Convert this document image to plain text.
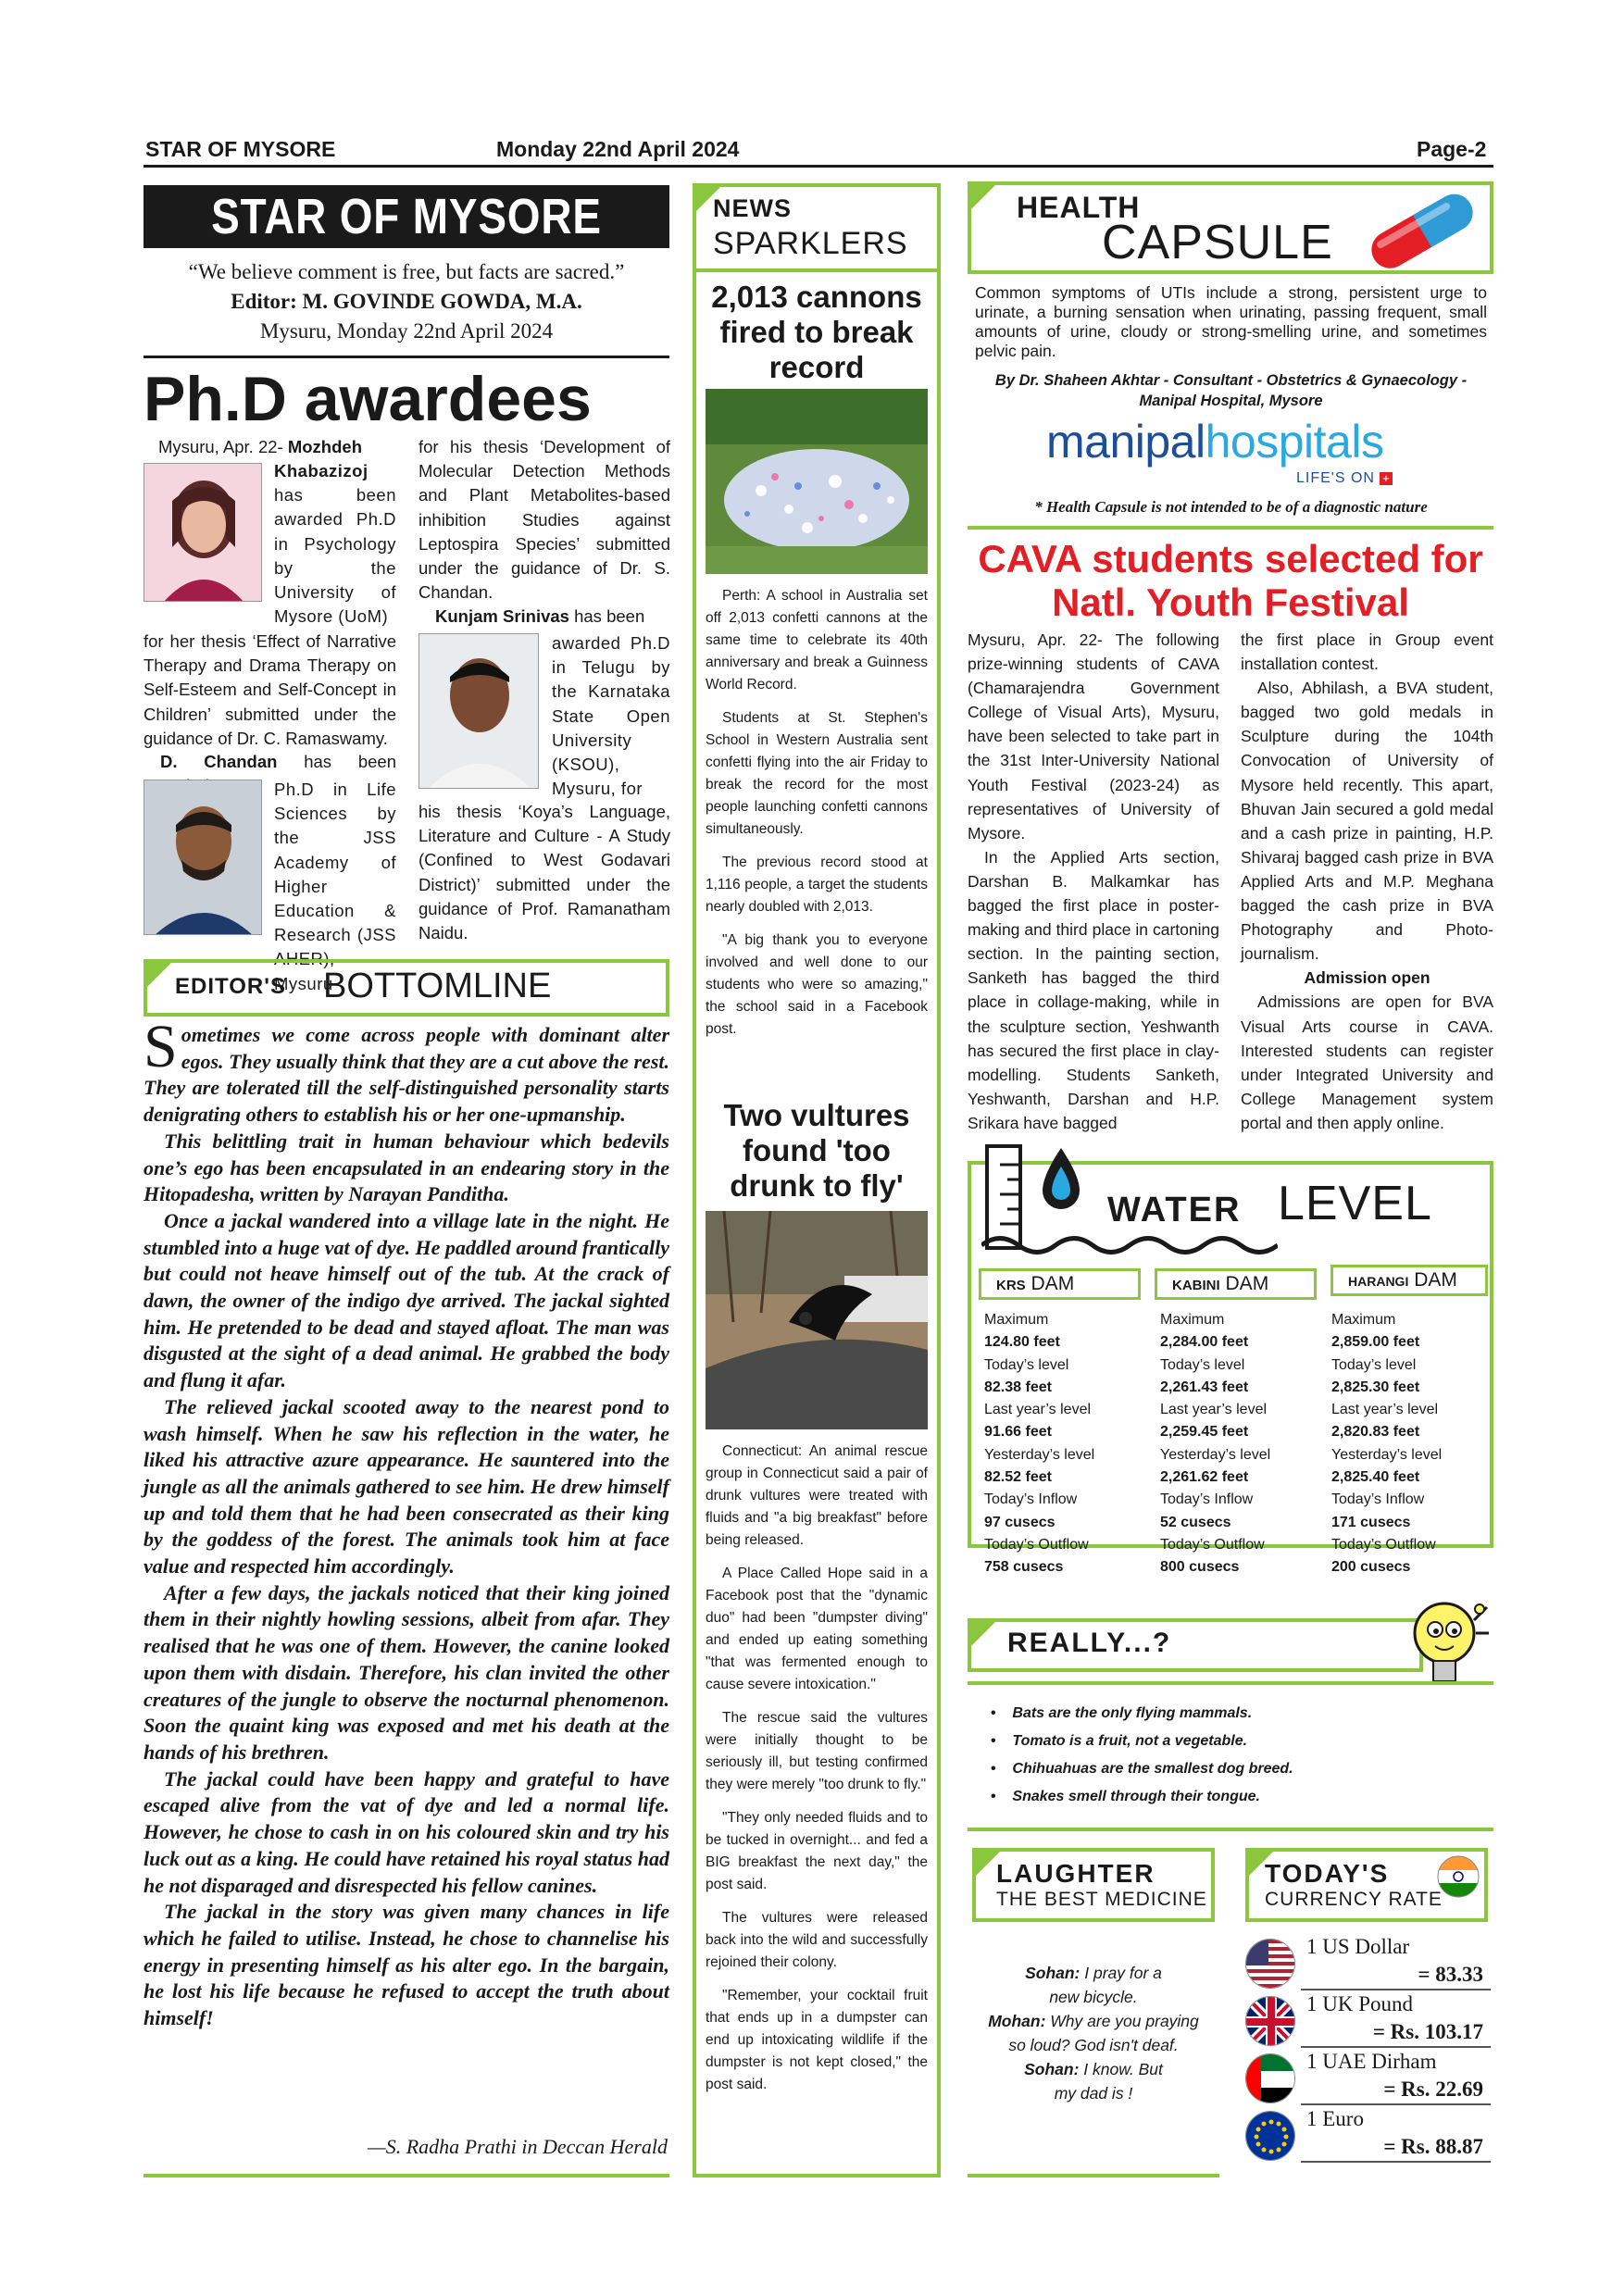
STAR OF MYSORE	Monday 22nd April 2024	Page-2
STAR OF MYSORE
“We believe comment is free, but facts are sacred.”
Editor: M. GOVINDE GOWDA, M.A.
Mysuru, Monday 22nd April 2024
Ph.D awardees
Mysuru, Apr. 22- Mozhdeh
Khabazizoj has been awarded Ph.D in Psychology by the University of Mysore (UoM)
for her thesis ‘Effect of Narrative Therapy and Drama Therapy on Self-Esteem and Self-Concept in Children’ submitted under the guidance of Dr. C. Ramaswamy.
D. Chandan has been
Ph.D in Life Sciences by the JSS Academy of Higher Education & Research (JSS AHER), Mysuru
for his thesis ‘Development of Molecular Detection Methods and Plant Metabolites-based inhibition Studies against Leptospira Species’ submitted under the guidance of Dr. S. Chandan.
Kunjam Srinivas has been
awarded Ph.D in Telugu by the Karnataka State Open University (KSOU), Mysuru, for
his thesis ‘Koya’s Language, Literature and Culture - A Study (Confined to West Godavari District)’ submitted under the guidance of Prof. Ramanatham Naidu.
EDITOR'S BOTTOMLINE

Sometimes we come across people with dominant alter egos. They usually think that they are a cut above the rest. They are tolerated till the self-distinguished personality starts denigrating others to establish his or her one-upmanship.

This belittling trait in human behaviour which bedevils one’s ego has been encapsulated in an endearing story in the Hitopadesha, written by Narayan Panditha.

Once a jackal wandered into a village late in the night. He stumbled into a huge vat of dye. He paddled around frantically but could not heave himself out of the tub. At the crack of dawn, the owner of the indigo dye arrived. The jackal sighted him. He pretended to be dead and stayed afloat. The man was disgusted at the sight of a dead animal. He grabbed the body and flung it afar.

The relieved jackal scooted away to the nearest pond to wash himself. When he saw his reflection in the water, he liked his attractive azure appearance. He sauntered into the jungle as all the animals gathered to see him. He drew himself up and told them that he had been consecrated as their king by the goddess of the forest. The animals took him at face value and respected him accordingly.

After a few days, the jackals noticed that their king joined them in their nightly howling sessions, albeit from afar. They realised that he was one of them. However, the canine looked upon them with disdain. Therefore, his clan invited the other creatures of the jungle to observe the nocturnal phenomenon. Soon the quaint king was exposed and met his death at the hands of his brethren.

The jackal could have been happy and grateful to have escaped alive from the vat of dye and led a normal life. However, he chose to cash in on his coloured skin and try his luck out as a king. He could have retained his royal status had he not disparaged and disrespected his fellow canines.

The jackal in the story was given many chances in life which he failed to utilise. Instead, he chose to channelise his energy in presenting himself as his alter ego. In the bargain, he lost his life because he refused to accept the truth about himself!

—S. Radha Prathi in Deccan Herald
NEWS
SPARKLERS
2,013 cannons fired to break record

Perth: A school in Australia set off 2,013 confetti cannons at the same time to celebrate its 40th anniversary and break a Guinness World Record.

Students at St. Stephen's School in Western Australia sent confetti flying into the air Friday to break the record for the most people launching confetti cannons simultaneously.

The previous record stood at 1,116 people, a target the students nearly doubled with 2,013.

"A big thank you to everyone involved and well done to our students who were so amazing," the school said in a Facebook post.

Two vultures found 'too drunk to fly'

Connecticut: An animal rescue group in Connecticut said a pair of drunk vultures were treated with fluids and "a big breakfast" before being released.

A Place Called Hope said in a Facebook post that the "dynamic duo" had been "dumpster diving" and ended up eating something "that was fermented enough to cause severe intoxication."

The rescue said the vultures were initially thought to be seriously ill, but testing confirmed they were merely "too drunk to fly."

"They only needed fluids and to be tucked in overnight... and fed a BIG breakfast the next day," the post said.

The vultures were released back into the wild and successfully rejoined their colony.

"Remember, your cocktail fruit that ends up in a dumpster can end up intoxicating wildlife if the dumpster is not kept closed," the post said.

HEALTH
CAPSULE
Common symptoms of UTIs include a strong, persistent urge to urinate, a burning sensation when urinating, passing frequent, small amounts of urine, cloudy or strong-smelling urine, and sometimes pelvic pain.
By Dr. Shaheen Akhtar - Consultant - Obstetrics & Gynaecology - Manipal Hospital, Mysore
manipalhospitals
LIFE'S ON +
* Health Capsule is not intended to be of a diagnostic nature
CAVA students selected for Natl. Youth Festival

Mysuru, Apr. 22- The following prize-winning students of CAVA (Chamarajendra Government College of Visual Arts), Mysuru, have been selected to take part in the 31st Inter-University National Youth Festival (2023-24) as representatives of University of Mysore.

In the Applied Arts section, Darshan B. Malkamkar has bagged the first place in poster-making and third place in cartoning section. In the painting section, Sanketh has bagged the third place in collage-making, while in the sculpture section, Yeshwanth has secured the first place in clay-modelling. Students Sanketh, Yeshwanth, Darshan and H.P. Srikara have bagged

the first place in Group event installation contest.

Also, Abhilash, a BVA student, bagged two gold medals in Sculpture during the 104th Convocation of University of Mysore held recently. This apart, Bhuvan Jain secured a gold medal and a cash prize in painting, H.P. Shivaraj bagged cash prize in BVA Applied Arts and M.P. Meghana bagged the cash prize in BVA Photography and Photo-journalism.

Admission open

Admissions are open for BVA Visual Arts course in CAVA. Interested students can register under Integrated University and College Management system portal and then apply online.

WATER LEVEL
KRS DAM
Maximum
124.80 feet
Today’s level
82.38 feet
Last year’s level
91.66 feet
Yesterday’s level
82.52 feet
Today’s Inflow
97 cusecs
Today’s Outflow
758 cusecs
KABINI DAM
Maximum
2,284.00 feet
Today’s level
2,261.43 feet
Last year’s level
2,259.45 feet
Yesterday’s level
2,261.62 feet
Today’s Inflow
52 cusecs
Today’s Outflow
800 cusecs
HARANGI DAM
Maximum
2,859.00 feet
Today’s level
2,825.30 feet
Last year’s level
2,820.83 feet
Yesterday’s level
2,825.40 feet
Today’s Inflow
171 cusecs
Today’s Outflow
200 cusecs
REALLY...?
• Bats are the only flying mammals.
• Tomato is a fruit, not a vegetable.
• Chihuahuas are the smallest dog breed.
• Snakes smell through their tongue.
LAUGHTER
THE BEST MEDICINE
Sohan: I pray for a
new bicycle.
Mohan: Why are you praying
so loud? God isn't deaf.
Sohan: I know. But
my dad is !
TODAY'S
CURRENCY RATE
1 US Dollar
= 83.33
1 UK Pound
= Rs. 103.17
1 UAE Dirham
= Rs. 22.69
1 Euro
= Rs. 88.87
